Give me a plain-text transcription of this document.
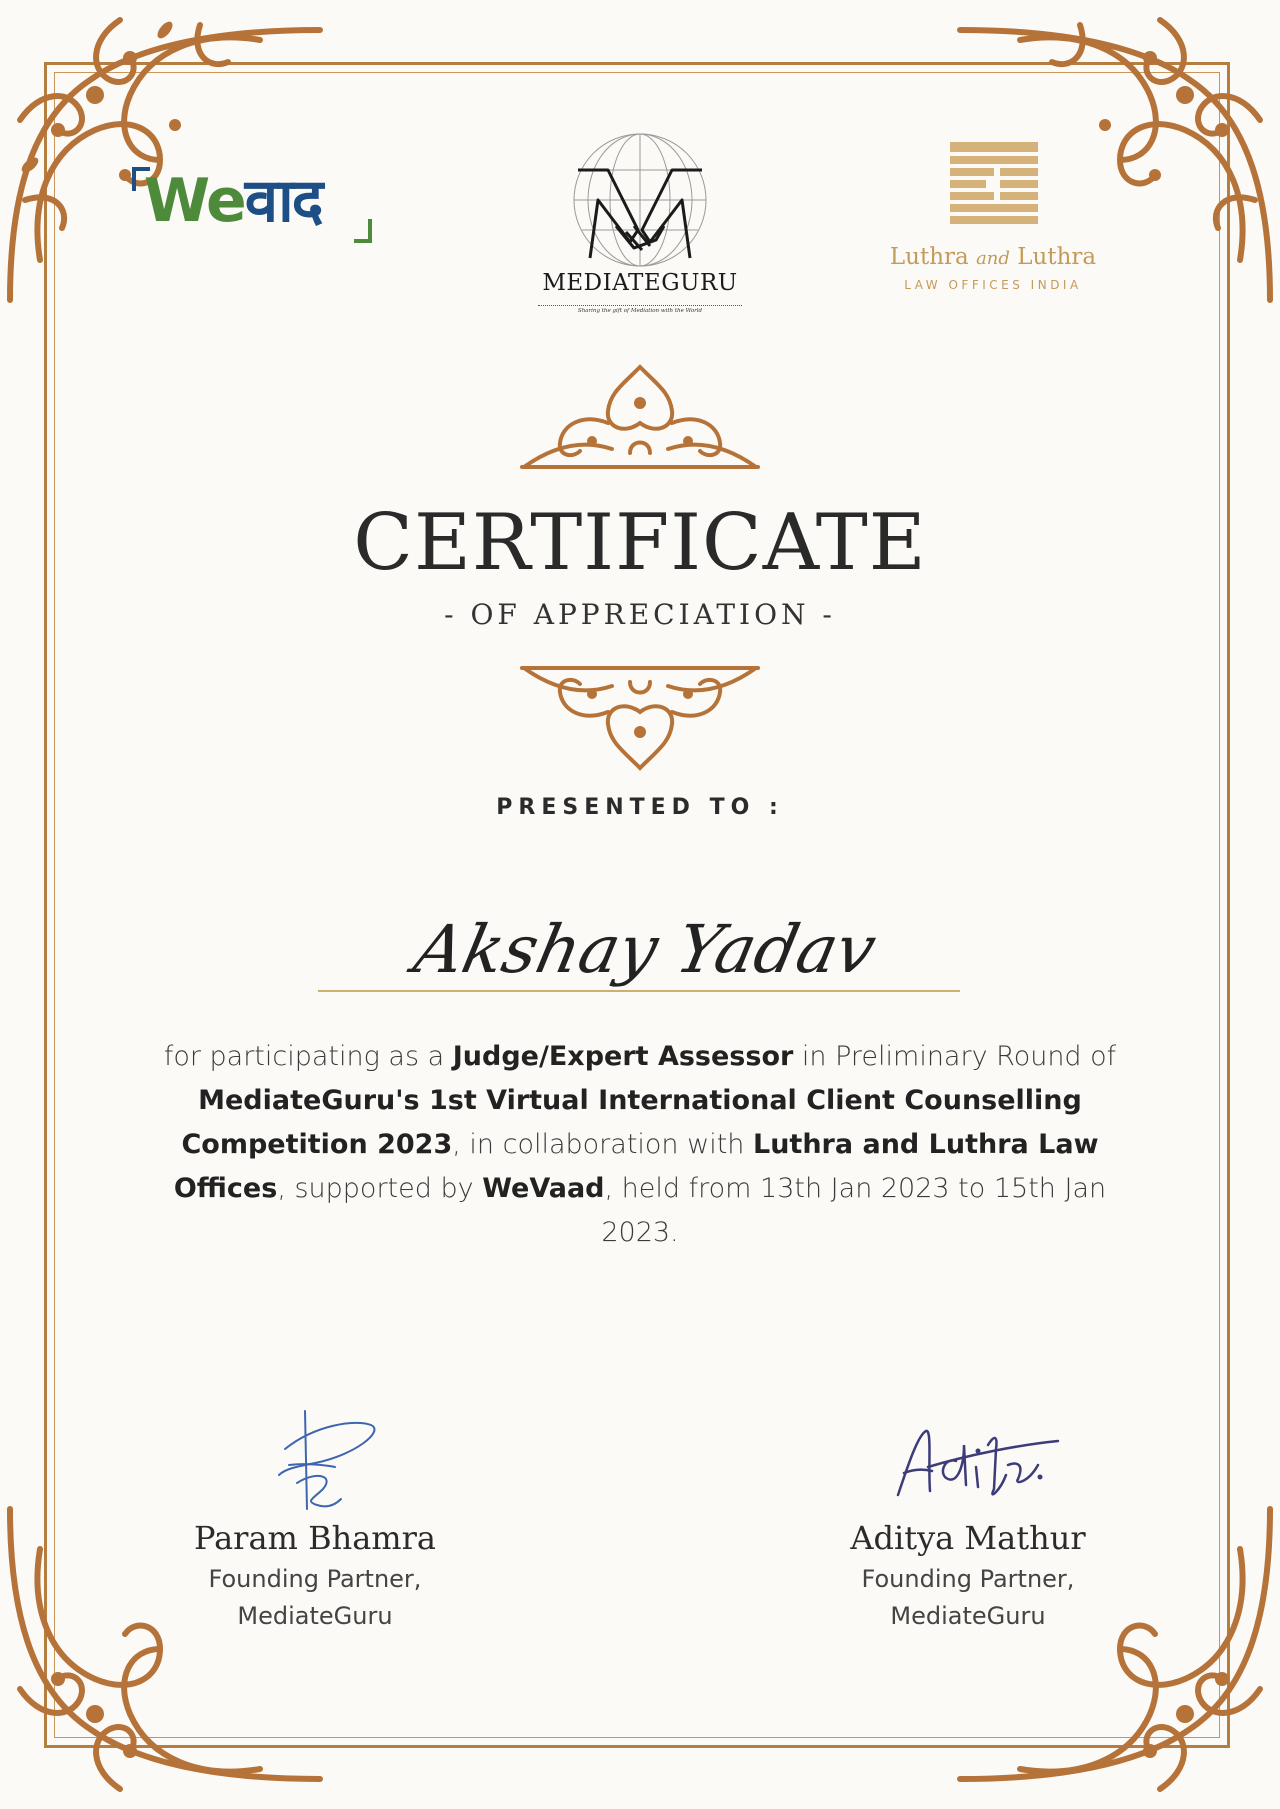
Weवाद
MEDIATEGURU
Sharing the gift of Mediation with the World
Luthra and Luthra
LAW OFFICES INDIA
CERTIFICATE
- OF APPRECIATION -
PRESENTED TO :
Akshay Yadav
for participating as a Judge/Expert Assessor in Preliminary Round of MediateGuru's 1st Virtual International Client Counselling Competition 2023, in collaboration with Luthra and Luthra Law Offices, supported by WeVaad, held from 13th Jan 2023 to 15th Jan 2023.
Param Bhamra
Founding Partner,
MediateGuru
Aditya Mathur
Founding Partner,
MediateGuru
